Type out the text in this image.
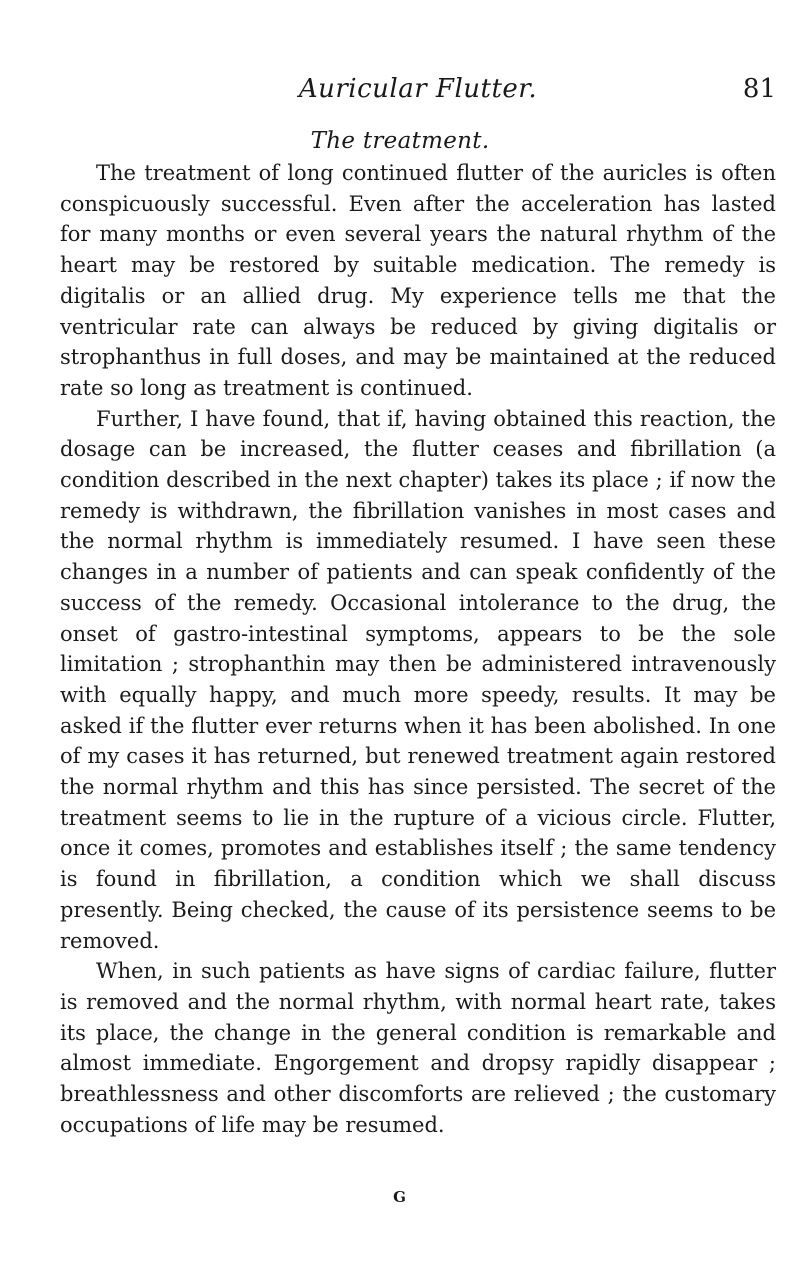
Auricular Flutter.	81
The treatment.

The treatment of long continued flutter of the auricles is often conspicuously successful. Even after the acceleration has lasted for many months or even several years the natural rhythm of the heart may be restored by suitable medication. The remedy is digitalis or an allied drug. My experience tells me that the ventricular rate can always be reduced by giving digitalis or strophanthus in full doses, and may be maintained at the reduced rate so long as treatment is continued.

Further, I have found, that if, having obtained this reaction, the dosage can be increased, the flutter ceases and fibrillation (a condition described in the next chapter) takes its place ; if now the remedy is withdrawn, the fibrillation vanishes in most cases and the normal rhythm is immediately resumed. I have seen these changes in a number of patients and can speak confidently of the success of the remedy. Occasional intolerance to the drug, the onset of gastro-intestinal symptoms, appears to be the sole limitation ; strophanthin may then be administered intravenously with equally happy, and much more speedy, results. It may be asked if the flutter ever returns when it has been abolished. In one of my cases it has returned, but renewed treatment again restored the normal rhythm and this has since persisted. The secret of the treatment seems to lie in the rupture of a vicious circle. Flutter, once it comes, promotes and establishes itself ; the same tendency is found in fibrillation, a condition which we shall discuss presently. Being checked, the cause of its persistence seems to be removed.

When, in such patients as have signs of cardiac failure, flutter is removed and the normal rhythm, with normal heart rate, takes its place, the change in the general condition is remarkable and almost immediate. Engorgement and dropsy rapidly disappear ; breathlessness and other discomforts are relieved ; the customary occupations of life may be resumed.

G
